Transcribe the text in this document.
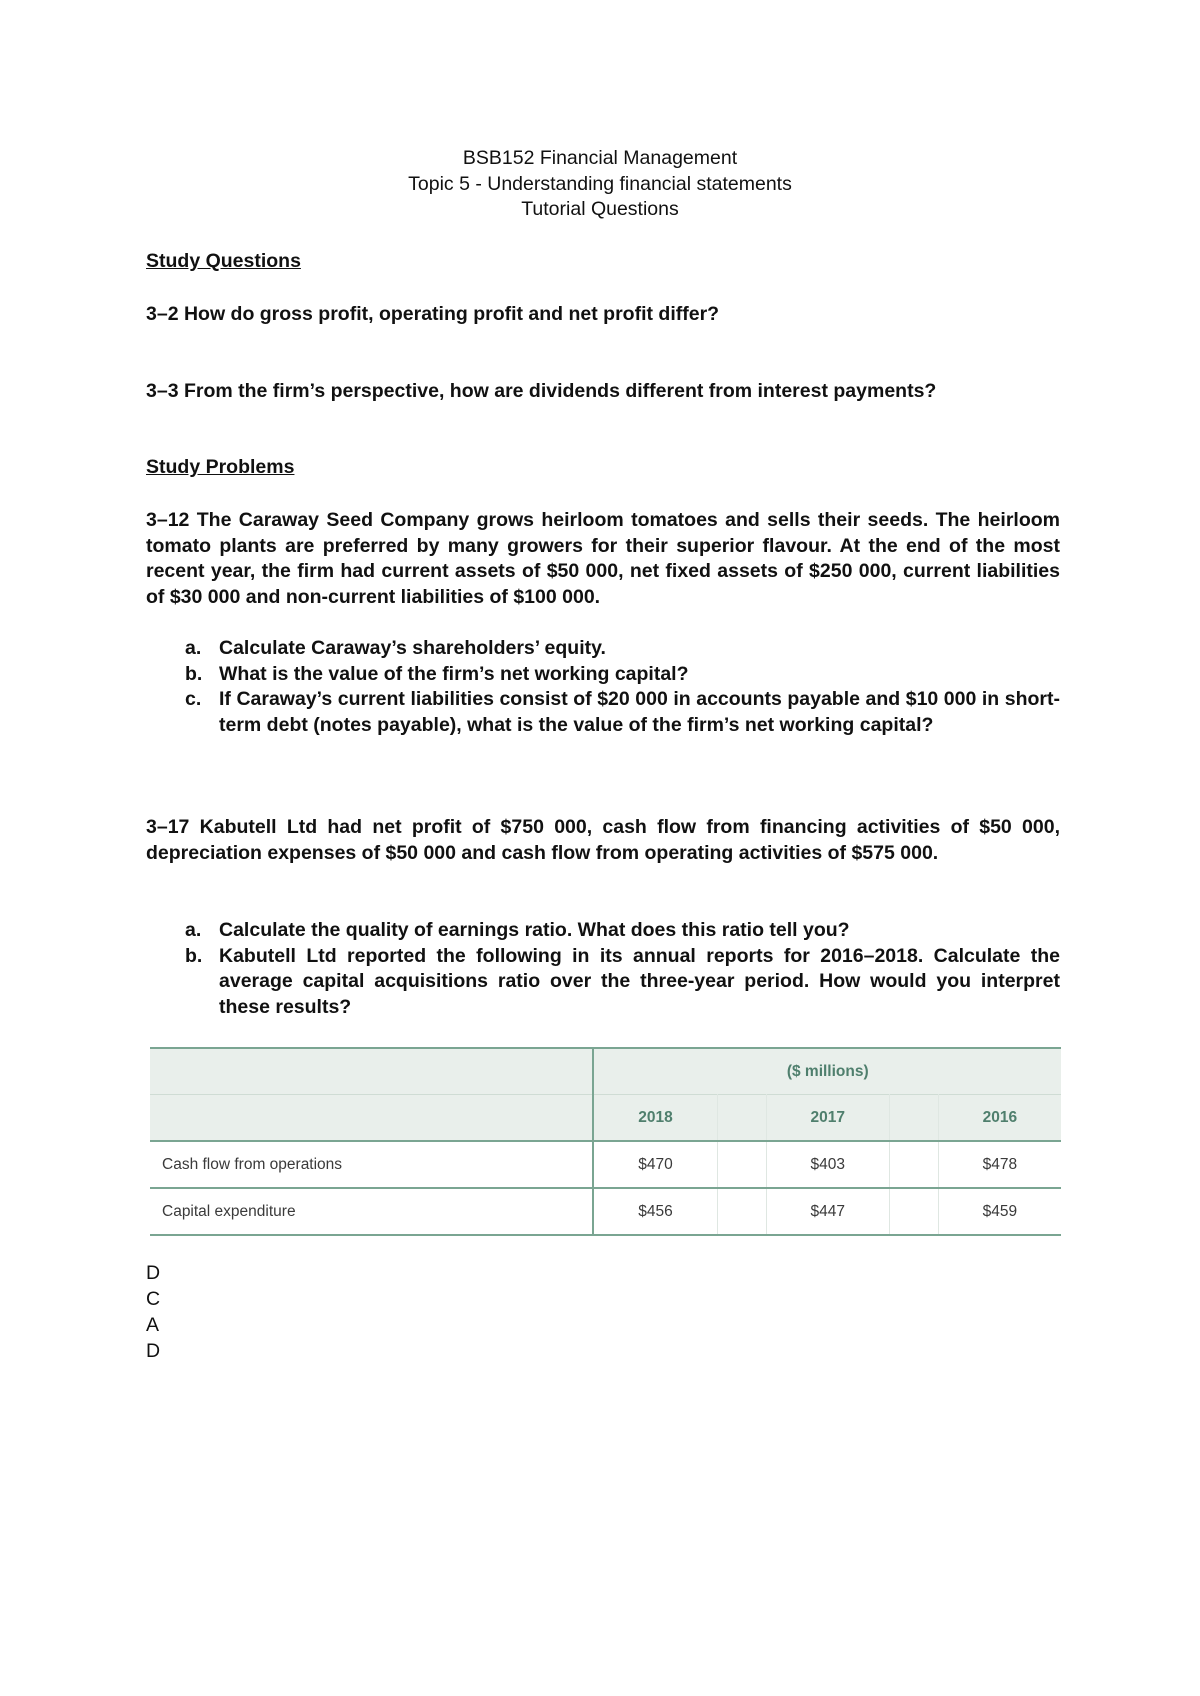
BSB152 Financial Management
Topic 5 - Understanding financial statements
Tutorial Questions
Study Questions
3–2 How do gross profit, operating profit and net profit differ?
3–3 From the firm’s perspective, how are dividends different from interest payments?
Study Problems
3–12 The Caraway Seed Company grows heirloom tomatoes and sells their seeds. The heirloom tomato plants are preferred by many growers for their superior flavour. At the end of the most recent year, the firm had current assets of $50 000, net fixed assets of $250 000, current liabilities of $30 000 and non-current liabilities of $100 000.
a. Calculate Caraway’s shareholders’ equity.
b. What is the value of the firm’s net working capital?
c. If Caraway’s current liabilities consist of $20 000 in accounts payable and $10 000 in short-term debt (notes payable), what is the value of the firm’s net working capital?
3–17 Kabutell Ltd had net profit of $750 000, cash flow from financing activities of $50 000, depreciation expenses of $50 000 and cash flow from operating activities of $575 000.
a. Calculate the quality of earnings ratio. What does this ratio tell you?
b. Kabutell Ltd reported the following in its annual reports for 2016–2018. Calculate the average capital acquisitions ratio over the three-year period. How would you interpret these results?
	($ millions)				
	2018		2017		2016
Cash flow from operations	$470		$403		$478
Capital expenditure	$456		$447		$459
D
C
A
D
